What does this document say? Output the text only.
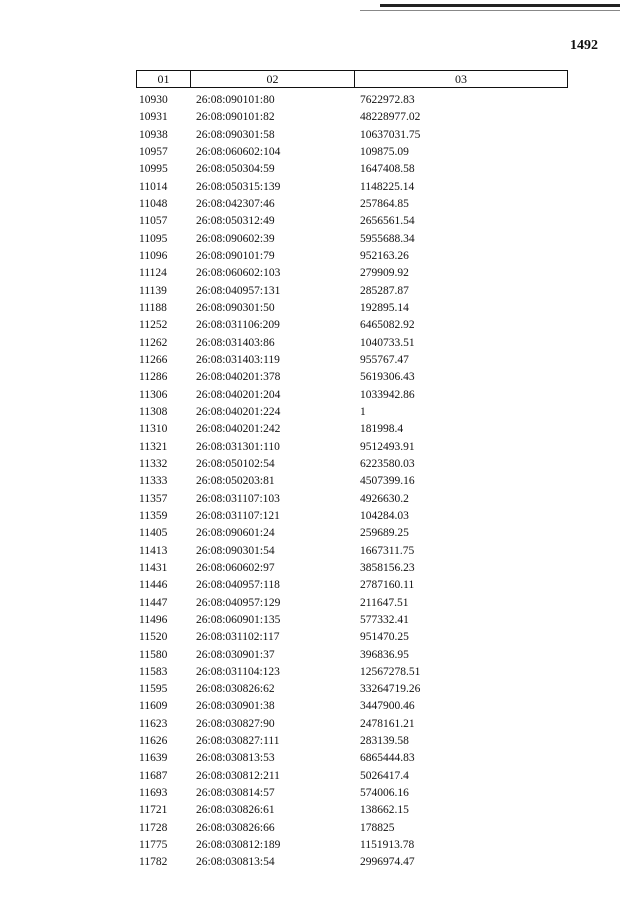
1492
01	02	03
10930	26:08:090101:80	7622972.83
10931	26:08:090101:82	48228977.02
10938	26:08:090301:58	10637031.75
10957	26:08:060602:104	109875.09
10995	26:08:050304:59	1647408.58
11014	26:08:050315:139	1148225.14
11048	26:08:042307:46	257864.85
11057	26:08:050312:49	2656561.54
11095	26:08:090602:39	5955688.34
11096	26:08:090101:79	952163.26
11124	26:08:060602:103	279909.92
11139	26:08:040957:131	285287.87
11188	26:08:090301:50	192895.14
11252	26:08:031106:209	6465082.92
11262	26:08:031403:86	1040733.51
11266	26:08:031403:119	955767.47
11286	26:08:040201:378	5619306.43
11306	26:08:040201:204	1033942.86
11308	26:08:040201:224	1
11310	26:08:040201:242	181998.4
11321	26:08:031301:110	9512493.91
11332	26:08:050102:54	6223580.03
11333	26:08:050203:81	4507399.16
11357	26:08:031107:103	4926630.2
11359	26:08:031107:121	104284.03
11405	26:08:090601:24	259689.25
11413	26:08:090301:54	1667311.75
11431	26:08:060602:97	3858156.23
11446	26:08:040957:118	2787160.11
11447	26:08:040957:129	211647.51
11496	26:08:060901:135	577332.41
11520	26:08:031102:117	951470.25
11580	26:08:030901:37	396836.95
11583	26:08:031104:123	12567278.51
11595	26:08:030826:62	33264719.26
11609	26:08:030901:38	3447900.46
11623	26:08:030827:90	2478161.21
11626	26:08:030827:111	283139.58
11639	26:08:030813:53	6865444.83
11687	26:08:030812:211	5026417.4
11693	26:08:030814:57	574006.16
11721	26:08:030826:61	138662.15
11728	26:08:030826:66	178825
11775	26:08:030812:189	1151913.78
11782	26:08:030813:54	2996974.47
